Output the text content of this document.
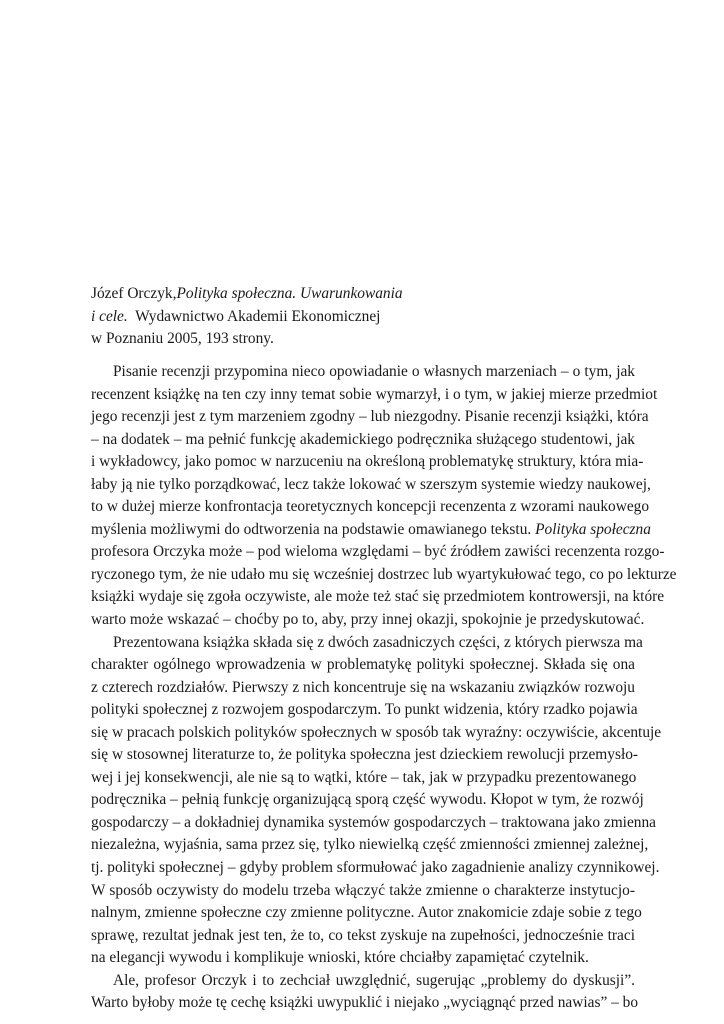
Józef Orczyk,Polityka społeczna. Uwarunkowania
i cele. Wydawnictwo Akademii Ekonomicznej
w Poznaniu 2005, 193 strony.
Pisanie recenzji przypomina nieco opowiadanie o własnych marzeniach – o tym, jak
recenzent książkę na ten czy inny temat sobie wymarzył, i o tym, w jakiej mierze przedmiot
jego recenzji jest z tym marzeniem zgodny – lub niezgodny. Pisanie recenzji książki, która
– na dodatek – ma pełnić funkcję akademickiego podręcznika służącego studentowi, jak
i wykładowcy, jako pomoc w narzuceniu na określoną problematykę struktury, która mia-
łaby ją nie tylko porządkować, lecz także lokować w szerszym systemie wiedzy naukowej,
to w dużej mierze konfrontacja teoretycznych koncepcji recenzenta z wzorami naukowego
myślenia możliwymi do odtworzenia na podstawie omawianego tekstu. Polityka społeczna
profesora Orczyka może – pod wieloma względami – być źródłem zawiści recenzenta rozgo-
ryczonego tym, że nie udało mu się wcześniej dostrzec lub wyartykułować tego, co po lekturze
książki wydaje się zgoła oczywiste, ale może też stać się przedmiotem kontrowersji, na które
warto może wskazać – choćby po to, aby, przy innej okazji, spokojnie je przedyskutować.
Prezentowana książka składa się z dwóch zasadniczych części, z których pierwsza ma
charakter ogólnego wprowadzenia w problematykę polityki społecznej. Składa się ona
z czterech rozdziałów. Pierwszy z nich koncentruje się na wskazaniu związków rozwoju
polityki społecznej z rozwojem gospodarczym. To punkt widzenia, który rzadko pojawia
się w pracach polskich polityków społecznych w sposób tak wyraźny: oczywiście, akcentuje
się w stosownej literaturze to, że polityka społeczna jest dzieckiem rewolucji przemysło-
wej i jej konsekwencji, ale nie są to wątki, które – tak, jak w przypadku prezentowanego
podręcznika – pełnią funkcję organizującą sporą część wywodu. Kłopot w tym, że rozwój
gospodarczy – a dokładniej dynamika systemów gospodarczych – traktowana jako zmienna
niezależna, wyjaśnia, sama przez się, tylko niewielką część zmienności zmiennej zależnej,
tj. polityki społecznej – gdyby problem sformułować jako zagadnienie analizy czynnikowej.
W sposób oczywisty do modelu trzeba włączyć także zmienne o charakterze instytucjo-
nalnym, zmienne społeczne czy zmienne polityczne. Autor znakomicie zdaje sobie z tego
sprawę, rezultat jednak jest ten, że to, co tekst zyskuje na zupełności, jednocześnie traci
na elegancji wywodu i komplikuje wnioski, które chciałby zapamiętać czytelnik.
Ale, profesor Orczyk i to zechciał uwzględnić, sugerując „problemy do dyskusji”.
Warto byłoby może tę cechę książki uwypuklić i niejako „wyciągnąć przed nawias” – bo
